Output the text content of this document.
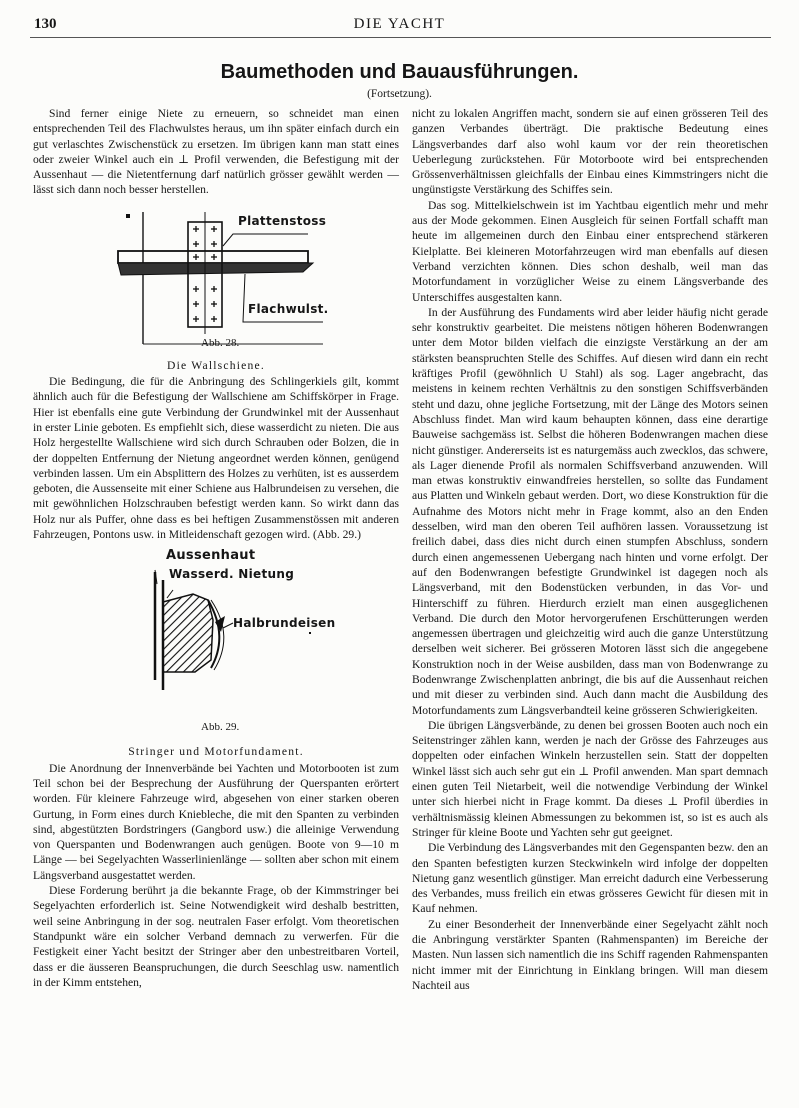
130	DIE YACHT
Baumethoden und Bauausführungen.
(Fortsetzung).

Sind ferner einige Niete zu erneuern, so schneidet man einen entsprechenden Teil des Flachwulstes heraus, um ihn später einfach durch ein gut verlaschtes Zwischenstück zu ersetzen. Im übrigen kann man statt eines oder zweier Winkel auch ein ⊥ Profil verwenden, die Befestigung mit der Aussenhaut — die Nietentfernung darf natürlich grösser gewählt werden — lässt sich dann noch besser herstellen.

Plattenstoss
Flachwulst.
Abb. 28.
Die Wallschiene.

Die Bedingung, die für die Anbringung des Schlingerkiels gilt, kommt ähnlich auch für die Befestigung der Wallschiene am Schiffskörper in Frage. Hier ist ebenfalls eine gute Verbindung der Grundwinkel mit der Aussenhaut in erster Linie geboten. Es empfiehlt sich, diese wasserdicht zu nieten. Die aus Holz hergestellte Wallschiene wird sich durch Schrauben oder Bolzen, die in der doppelten Entfernung der Nietung angeordnet werden können, genügend verbinden lassen. Um ein Absplittern des Holzes zu verhüten, ist es ausserdem geboten, die Aussenseite mit einer Schiene aus Halbrundeisen zu versehen, die mit gewöhnlichen Holzschrauben befestigt werden kann. So wirkt dann das Holz nur als Puffer, ohne dass es bei heftigen Zusammenstössen mit anderen Fahrzeugen, Pontons usw. in Mitleidenschaft gezogen wird. (Abb. 29.)

Aussenhaut
Wasserd. Nietung
Halbrundeisen
Abb. 29.
Stringer und Motorfundament.

Die Anordnung der Innenverbände bei Yachten und Motorbooten ist zum Teil schon bei der Besprechung der Ausführung der Querspanten erörtert worden. Für kleinere Fahrzeuge wird, abgesehen von einer starken oberen Gurtung, in Form eines durch Kniebleche, die mit den Spanten zu verbinden sind, abgestützten Bordstringers (Gangbord usw.) die alleinige Verwendung von Querspanten und Bodenwrangen auch genügen. Boote von 9—10 m Länge — bei Segelyachten Wasserlinienlänge — sollten aber schon mit einem Längsverband ausgestattet werden.

Diese Forderung berührt ja die bekannte Frage, ob der Kimmstringer bei Segelyachten erforderlich ist. Seine Notwendigkeit wird deshalb bestritten, weil seine Anbringung in der sog. neutralen Faser erfolgt. Vom theoretischen Standpunkt wäre ein solcher Verband demnach zu verwerfen. Für die Festigkeit einer Yacht besitzt der Stringer aber den unbestreitbaren Vorteil, dass er die äusseren Beanspruchungen, die durch Seeschlag usw. namentlich in der Kimm entstehen,

nicht zu lokalen Angriffen macht, sondern sie auf einen grösseren Teil des ganzen Verbandes überträgt. Die praktische Bedeutung eines Längsverbandes darf also wohl kaum vor der rein theoretischen Ueberlegung zurückstehen. Für Motorboote wird bei entsprechenden Grössenverhältnissen gleichfalls der Einbau eines Kimmstringers nicht die ungünstigste Verstärkung des Schiffes sein.

Das sog. Mittelkielschwein ist im Yachtbau eigentlich mehr und mehr aus der Mode gekommen. Einen Ausgleich für seinen Fortfall schafft man heute im allgemeinen durch den Einbau einer entsprechend stärkeren Kielplatte. Bei kleineren Motorfahrzeugen wird man ebenfalls auf diesen Verband verzichten können. Dies schon deshalb, weil man das Motorfundament in vorzüglicher Weise zu einem Längsverbande des Unterschiffes ausgestalten kann.

In der Ausführung des Fundaments wird aber leider häufig nicht gerade sehr konstruktiv gearbeitet. Die meistens nötigen höheren Bodenwrangen unter dem Motor bilden vielfach die einzigste Verstärkung an der am stärksten beanspruchten Stelle des Schiffes. Auf diesen wird dann ein recht kräftiges Profil (gewöhnlich U Stahl) als sog. Lager angebracht, das meistens in keinem rechten Verhältnis zu den sonstigen Schiffsverbänden steht und dazu, ohne jegliche Fortsetzung, mit der Länge des Motors seinen Abschluss findet. Man wird kaum behaupten können, dass eine derartige Bauweise sachgemäss ist. Selbst die höheren Bodenwrangen machen diese nicht günstiger. Andererseits ist es naturgemäss auch zwecklos, das schwere, als Lager dienende Profil als normalen Schiffsverband anzuwenden. Will man etwas konstruktiv einwandfreies herstellen, so sollte das Fundament aus Platten und Winkeln gebaut werden. Dort, wo diese Konstruktion für die Aufnahme des Motors nicht mehr in Frage kommt, also an den Enden desselben, wird man den oberen Teil aufhören lassen. Voraussetzung ist freilich dabei, dass dies nicht durch einen stumpfen Abschluss, sondern durch einen angemessenen Uebergang nach hinten und vorne erfolgt. Der auf den Bodenwrangen befestigte Grundwinkel ist dagegen noch als Längsverband, mit den Bodenstücken verbunden, in das Vor- und Hinterschiff zu führen. Hierdurch erzielt man einen ausgeglichenen Verband. Die durch den Motor hervorgerufenen Erschütterungen werden angemessen übertragen und gleichzeitig wird auch die ganze Unterstützung derselben weit sicherer. Bei grösseren Motoren lässt sich die angegebene Konstruktion noch in der Weise ausbilden, dass man von Bodenwrange zu Bodenwrange Zwischenplatten anbringt, die bis auf die Aussenhaut reichen und mit dieser zu verbinden sind. Auch dann macht die Ausbildung des Motorfundaments zum Längsverbandteil keine grösseren Schwierigkeiten.

Die übrigen Längsverbände, zu denen bei grossen Booten auch noch ein Seitenstringer zählen kann, werden je nach der Grösse des Fahrzeuges aus doppelten oder einfachen Winkeln herzustellen sein. Statt der doppelten Winkel lässt sich auch sehr gut ein ⊥ Profil anwenden. Man spart demnach einen guten Teil Nietarbeit, weil die notwendige Verbindung der Winkel unter sich hierbei nicht in Frage kommt. Da dieses ⊥ Profil überdies in verhältnismässig kleinen Abmessungen zu bekommen ist, so ist es auch als Stringer für kleine Boote und Yachten sehr gut geeignet.

Die Verbindung des Längsverbandes mit den Gegenspanten bezw. den an den Spanten befestigten kurzen Steckwinkeln wird infolge der doppelten Nietung ganz wesentlich günstiger. Man erreicht dadurch eine Verbesserung des Verbandes, muss freilich ein etwas grösseres Gewicht für diesen mit in Kauf nehmen.

Zu einer Besonderheit der Innenverbände einer Segelyacht zählt noch die Anbringung verstärkter Spanten (Rahmenspanten) im Bereiche der Masten. Nun lassen sich namentlich die ins Schiff ragenden Rahmenspanten nicht immer mit der Einrichtung in Einklang bringen. Will man diesem Nachteil aus
